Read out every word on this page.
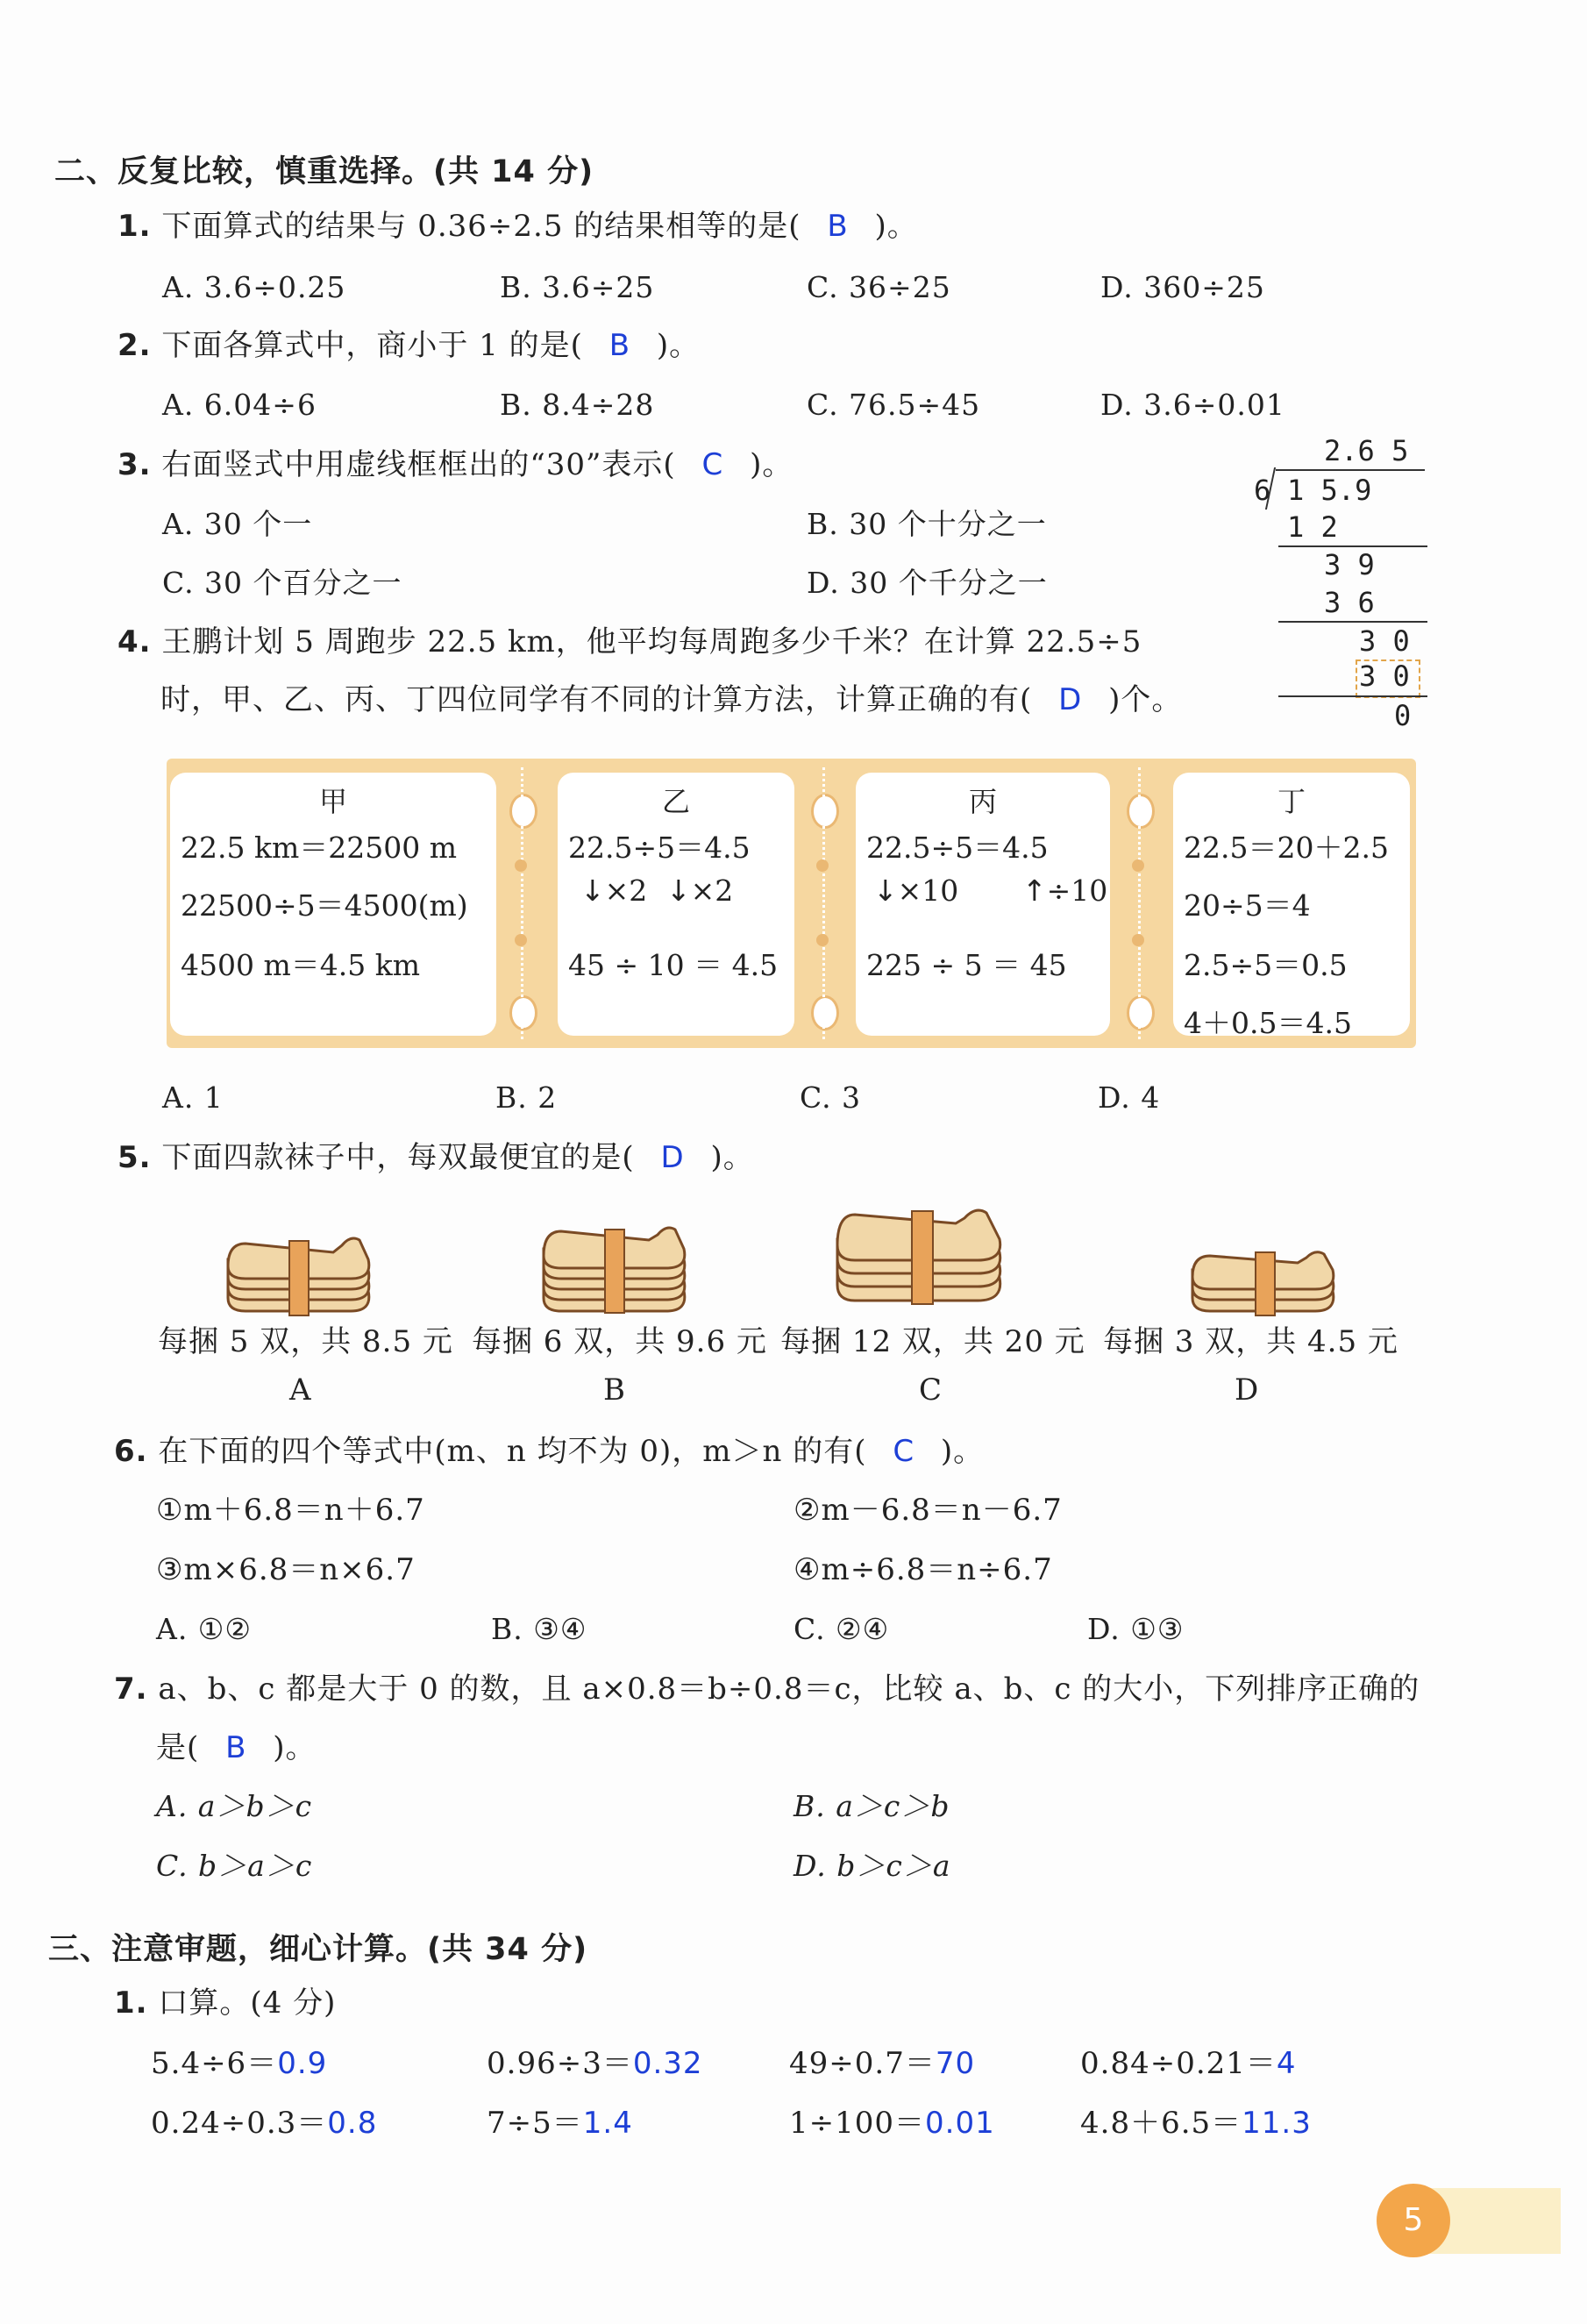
二、反复比较，慎重选择。(共 14 分)
1. 下面算式的结果与 0.36÷2.5 的结果相等的是( B )。
A. 3.6÷0.25	B. 3.6÷25	C. 36÷25	D. 360÷25
2. 下面各算式中，商小于 1 的是( B )。
A. 6.04÷6	B. 8.4÷28	C. 76.5÷45	D. 3.6÷0.01
3. 右面竖式中用虚线框框出的“30”表示( C )。
A. 30 个一	B. 30 个十分之一
C. 30 个百分之一	D. 30 个千分之一
2.6 5
6 1 5.9
1 2
3 9
3 6
3 0
3 0
0
4. 王鹏计划 5 周跑步 22.5 km，他平均每周跑多少千米？在计算 22.5÷5
时，甲、乙、丙、丁四位同学有不同的计算方法，计算正确的有( D )个。
甲
22.5 km＝22500 m
22500÷5＝4500(m)
4500 m＝4.5 km
乙
22.5÷5＝4.5
↓×2 ↓×2
45 ÷ 10 ＝ 4.5
丙
22.5÷5＝4.5
↓×10 ↑÷10
225 ÷ 5 ＝ 45
丁
22.5＝20＋2.5
20÷5＝4
2.5÷5＝0.5
4＋0.5＝4.5
A. 1	B. 2	C. 3	D. 4
5. 下面四款袜子中，每双最便宜的是( D )。
每捆 5 双，共 8.5 元 每捆 6 双，共 9.6 元 每捆 12 双，共 20 元 每捆 3 双，共 4.5 元
A	B	C	D
6. 在下面的四个等式中(m、n 均不为 0)，m＞n 的有( C )。
①m＋6.8＝n＋6.7	②m－6.8＝n－6.7
③m×6.8＝n×6.7	④m÷6.8＝n÷6.7
A. ①②	B. ③④	C. ②④	D. ①③
7. a、b、c 都是大于 0 的数，且 a×0.8＝b÷0.8＝c，比较 a、b、c 的大小，下列排序正确的
是( B )。
A. a＞b＞c	B. a＞c＞b
C. b＞a＞c	D. b＞c＞a
三、注意审题，细心计算。(共 34 分)
1. 口算。(4 分)
5.4÷6＝0.9	0.96÷3＝0.32	49÷0.7＝70	0.84÷0.21＝4
0.24÷0.3＝0.8	7÷5＝1.4	1÷100＝0.01	4.8＋6.5＝11.3
5
